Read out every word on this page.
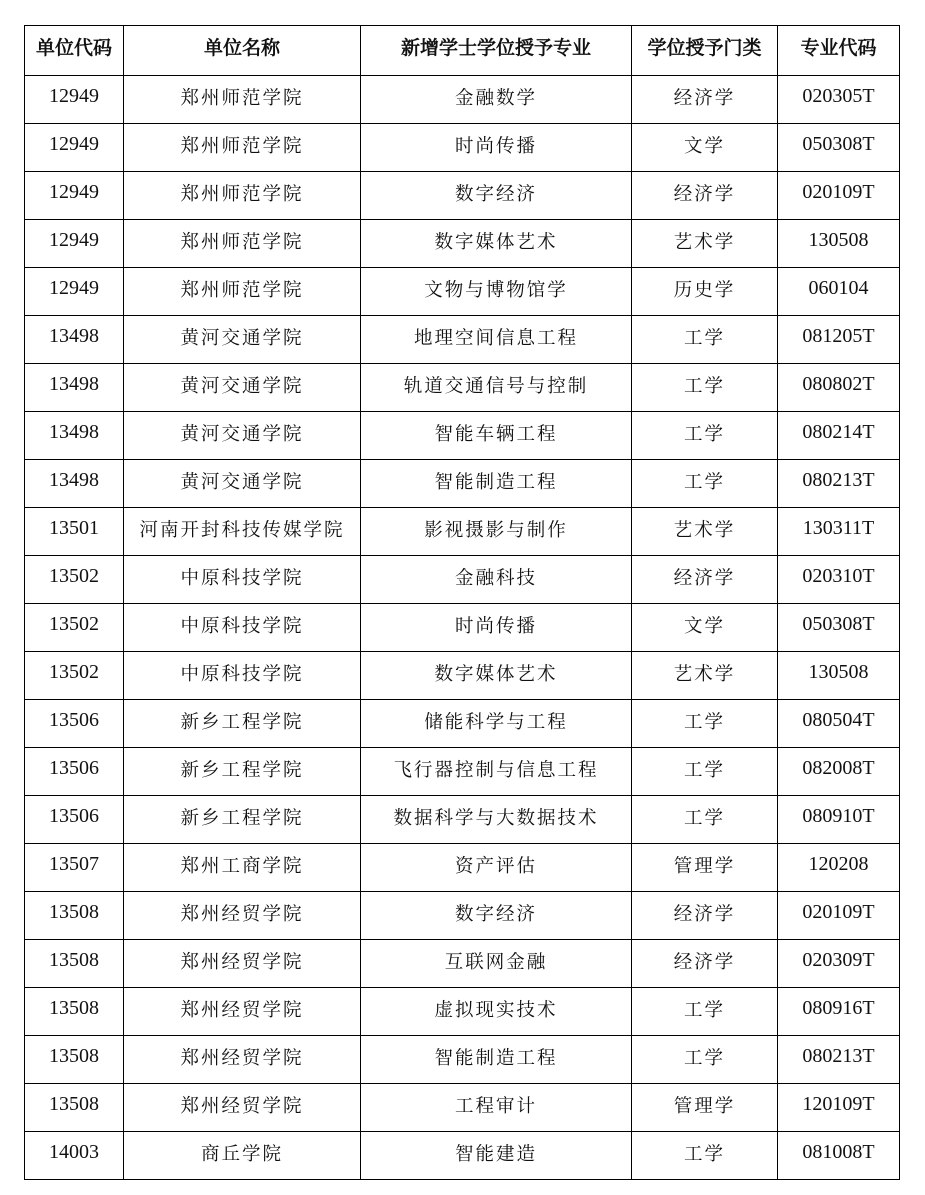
单位代码	单位名称	新增学士学位授予专业	学位授予门类	专业代码
12949	郑州师范学院	金融数学	经济学	020305T
12949	郑州师范学院	时尚传播	文学	050308T
12949	郑州师范学院	数字经济	经济学	020109T
12949	郑州师范学院	数字媒体艺术	艺术学	130508
12949	郑州师范学院	文物与博物馆学	历史学	060104
13498	黄河交通学院	地理空间信息工程	工学	081205T
13498	黄河交通学院	轨道交通信号与控制	工学	080802T
13498	黄河交通学院	智能车辆工程	工学	080214T
13498	黄河交通学院	智能制造工程	工学	080213T
13501	河南开封科技传媒学院	影视摄影与制作	艺术学	130311T
13502	中原科技学院	金融科技	经济学	020310T
13502	中原科技学院	时尚传播	文学	050308T
13502	中原科技学院	数字媒体艺术	艺术学	130508
13506	新乡工程学院	储能科学与工程	工学	080504T
13506	新乡工程学院	飞行器控制与信息工程	工学	082008T
13506	新乡工程学院	数据科学与大数据技术	工学	080910T
13507	郑州工商学院	资产评估	管理学	120208
13508	郑州经贸学院	数字经济	经济学	020109T
13508	郑州经贸学院	互联网金融	经济学	020309T
13508	郑州经贸学院	虚拟现实技术	工学	080916T
13508	郑州经贸学院	智能制造工程	工学	080213T
13508	郑州经贸学院	工程审计	管理学	120109T
14003	商丘学院	智能建造	工学	081008T
